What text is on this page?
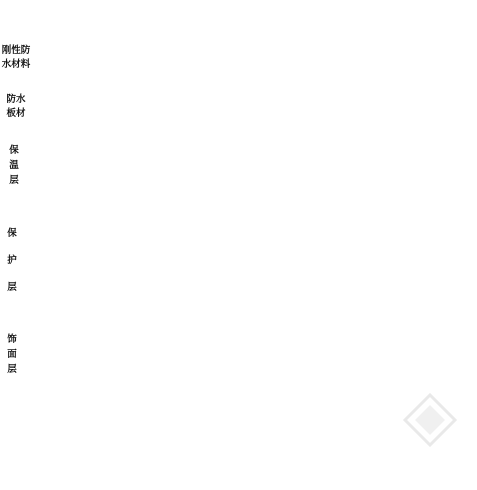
刚性防水材料
防水板材
保温层
保护层
饰面层
